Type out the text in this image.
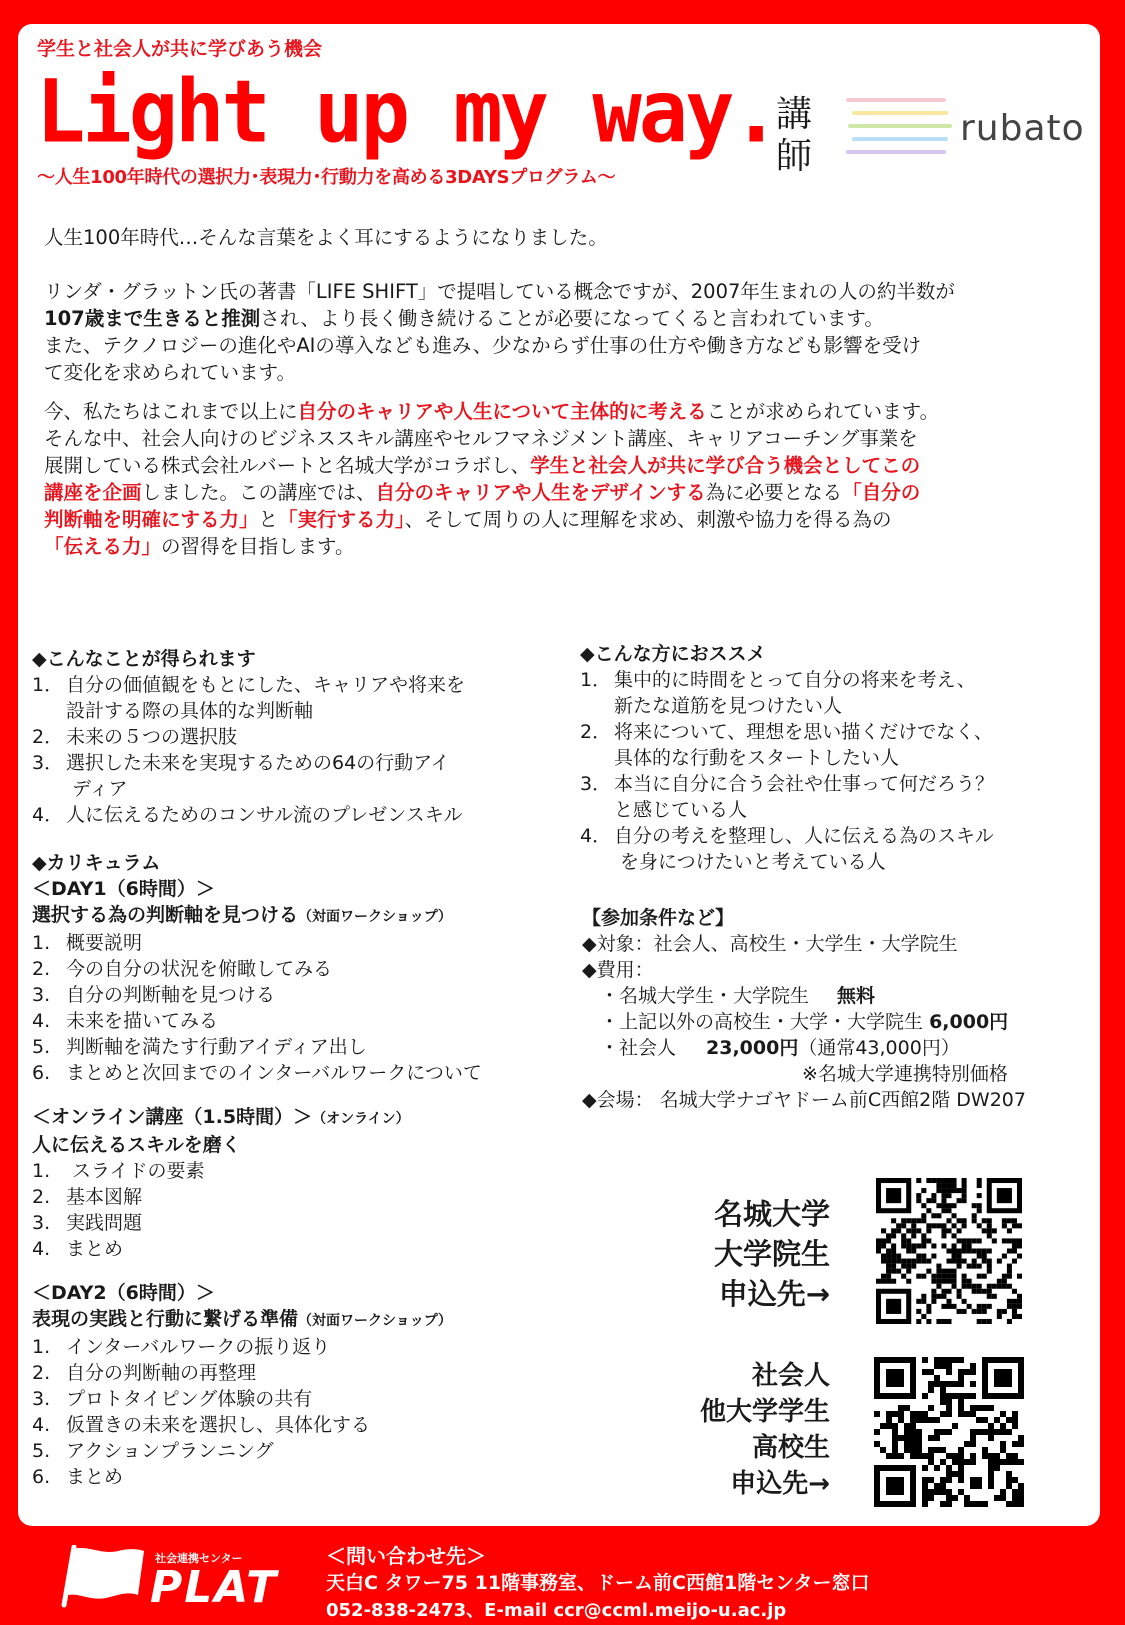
学生と社会人が共に学びあう機会
Light up my way.
～人生100年時代の選択力･表現力･行動力を高める3DAYSプログラム～
講師
rubato

人生100年時代…そんな言葉をよく耳にするようになりました。

リンダ・グラットン氏の著書「LIFE SHIFT」で提唱している概念ですが、2007年生まれの人の約半数が

107歳まで生きると推測され、より長く働き続けることが必要になってくると言われています。

また、テクノロジーの進化やAIの導入なども進み、少なからず仕事の仕方や働き方なども影響を受け

て変化を求められています。

今、私たちはこれまで以上に自分のキャリアや人生について主体的に考えることが求められています。

そんな中、社会人向けのビジネススキル講座やセルフマネジメント講座、キャリアコーチング事業を

展開している株式会社ルバートと名城大学がコラボし、学生と社会人が共に学び合う機会としてこの

講座を企画しました。この講座では、自分のキャリアや人生をデザインする為に必要となる「自分の

判断軸を明確にする力」と「実行する力」、そして周りの人に理解を求め、刺激や協力を得る為の

「伝える力」の習得を目指します。

◆こんなことが得られます
1． 自分の価値観をもとにした、キャリアや将来を
設計する際の具体的な判断軸
2． 未来の５つの選択肢
3． 選択した未来を実現するための64の行動アイ
ディア
4． 人に伝えるためのコンサル流のプレゼンスキル
◆カリキュラム
＜DAY1（6時間）＞
選択する為の判断軸を見つける（対面ワークショップ）
1. 概要説明
2. 今の自分の状況を俯瞰してみる
3. 自分の判断軸を見つける
4. 未来を描いてみる
5. 判断軸を満たす行動アイディア出し
6. まとめと次回までのインターバルワークについて
＜オンライン講座（1.5時間）＞（オンライン）
人に伝えるスキルを磨く
1. スライドの要素
2. 基本図解
3. 実践問題
4. まとめ
＜DAY2（6時間）＞
表現の実践と行動に繋げる準備（対面ワークショップ）
1. インターバルワークの振り返り
2. 自分の判断軸の再整理
3. プロトタイピング体験の共有
4. 仮置きの未来を選択し、具体化する
5. アクションプランニング
6. まとめ
◆こんな方におススメ
1． 集中的に時間をとって自分の将来を考え、
新たな道筋を見つけたい人
2． 将来について、理想を思い描くだけでなく、
具体的な行動をスタートしたい人
3． 本当に自分に合う会社や仕事って何だろう？
と感じている人
4． 自分の考えを整理し、人に伝える為のスキル
を身につけたいと考えている人
【参加条件など】
◆対象：社会人、高校生・大学生・大学院生
◆費用：
・名城大学生・大学院生 無料
・上記以外の高校生・大学・大学院生 6,000円
・社会人 23,000円（通常43,000円）
※名城大学連携特別価格
◆会場： 名城大学ナゴヤドーム前C西館2階 DW207
名城大学
大学院生
申込先→
社会人
他大学学生
高校生
申込先→
社会連携センター
PLAT
＜問い合わせ先＞
天白C タワー75 11階事務室、ドーム前C西館1階センター窓口
052-838-2473、E-mail ccr@ccml.meijo-u.ac.jp
